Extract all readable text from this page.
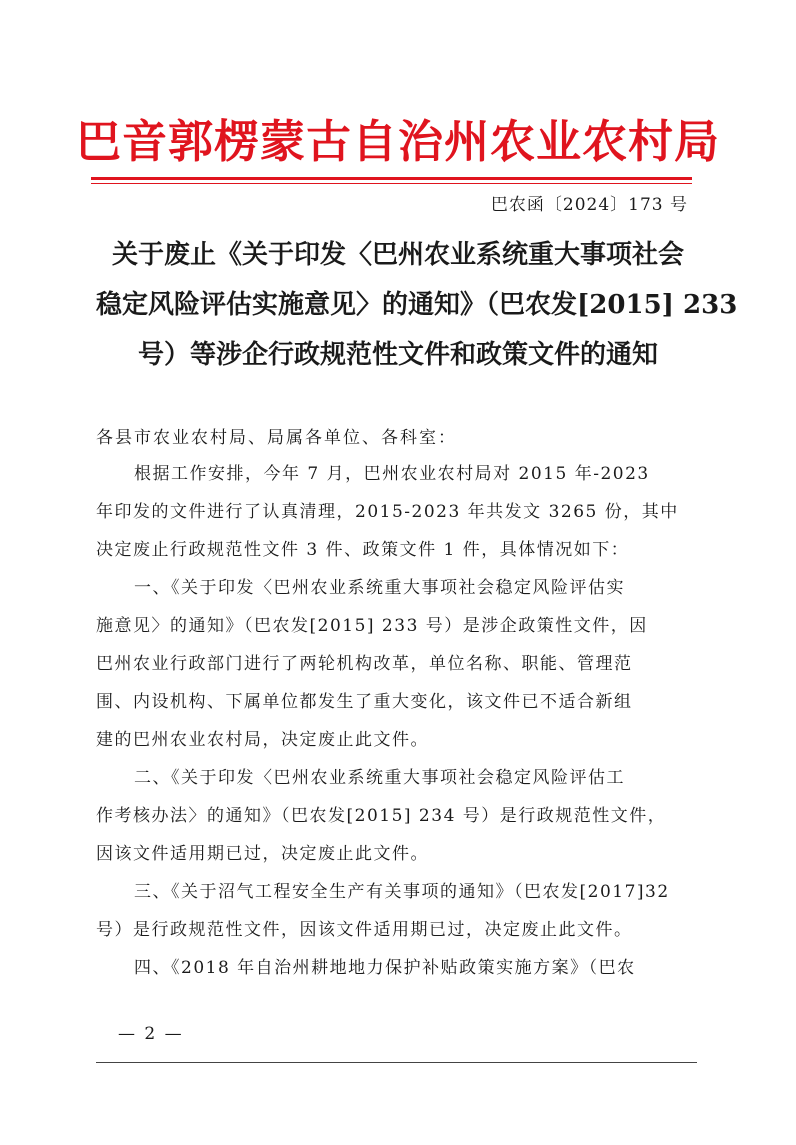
巴音郭楞蒙古自治州农业农村局
巴农函〔2024〕173 号
关于废止《关于印发〈巴州农业系统重大事项社会
稳定风险评估实施意见〉的通知》（巴农发[2015] 233
号）等涉企行政规范性文件和政策文件的通知
各县市农业农村局、局属各单位、各科室：
根据工作安排，今年 7 月，巴州农业农村局对 2015 年-2023
年印发的文件进行了认真清理，2015-2023 年共发文 3265 份，其中
决定废止行政规范性文件 3 件、政策文件 1 件，具体情况如下：
一、《关于印发〈巴州农业系统重大事项社会稳定风险评估实
施意见〉的通知》（巴农发[2015] 233 号）是涉企政策性文件，因
巴州农业行政部门进行了两轮机构改革，单位名称、职能、管理范
围、内设机构、下属单位都发生了重大变化，该文件已不适合新组
建的巴州农业农村局，决定废止此文件。
二、《关于印发〈巴州农业系统重大事项社会稳定风险评估工
作考核办法〉的通知》（巴农发[2015] 234 号）是行政规范性文件，
因该文件适用期已过，决定废止此文件。
三、《关于沼气工程安全生产有关事项的通知》（巴农发[2017]32
号）是行政规范性文件，因该文件适用期已过，决定废止此文件。
四、《2018 年自治州耕地地力保护补贴政策实施方案》（巴农
— 2 —
